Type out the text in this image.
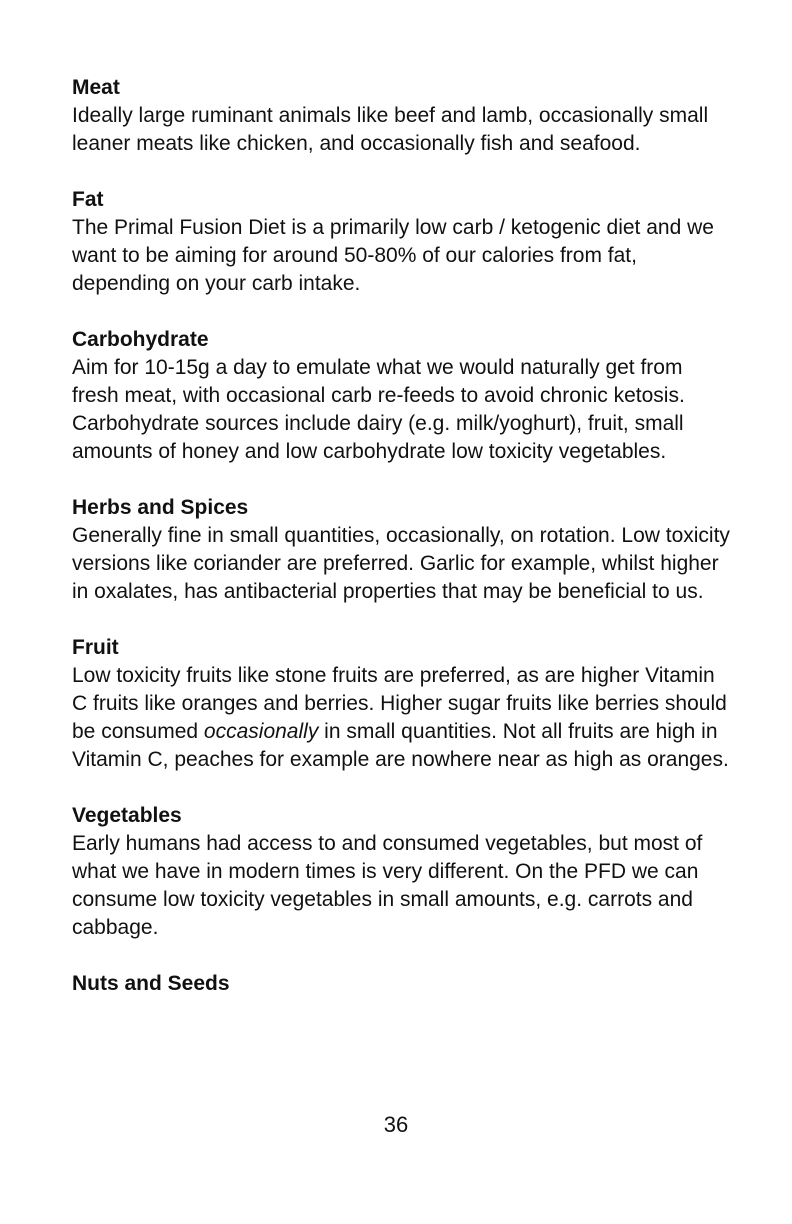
Meat

Ideally large ruminant animals like beef and lamb, occasionally small leaner meats like chicken, and occasionally fish and seafood.

Fat

The Primal Fusion Diet is a primarily low carb / ketogenic diet and we want to be aiming for around 50-80% of our calories from fat, depending on your carb intake.

Carbohydrate

Aim for 10-15g a day to emulate what we would naturally get from fresh meat, with occasional carb re-feeds to avoid chronic ketosis. Carbohydrate sources include dairy (e.g. milk/yoghurt), fruit, small amounts of honey and low carbohydrate low toxicity vegetables.

Herbs and Spices

Generally fine in small quantities, occasionally, on rotation. Low toxicity versions like coriander are preferred. Garlic for example, whilst higher in oxalates, has antibacterial properties that may be beneficial to us.

Fruit

Low toxicity fruits like stone fruits are preferred, as are higher Vitamin C fruits like oranges and berries. Higher sugar fruits like berries should be consumed occasionally in small quantities. Not all fruits are high in Vitamin C, peaches for example are nowhere near as high as oranges.

Vegetables

Early humans had access to and consumed vegetables, but most of what we have in modern times is very different. On the PFD we can consume low toxicity vegetables in small amounts, e.g. carrots and cabbage.

Nuts and Seeds

36
